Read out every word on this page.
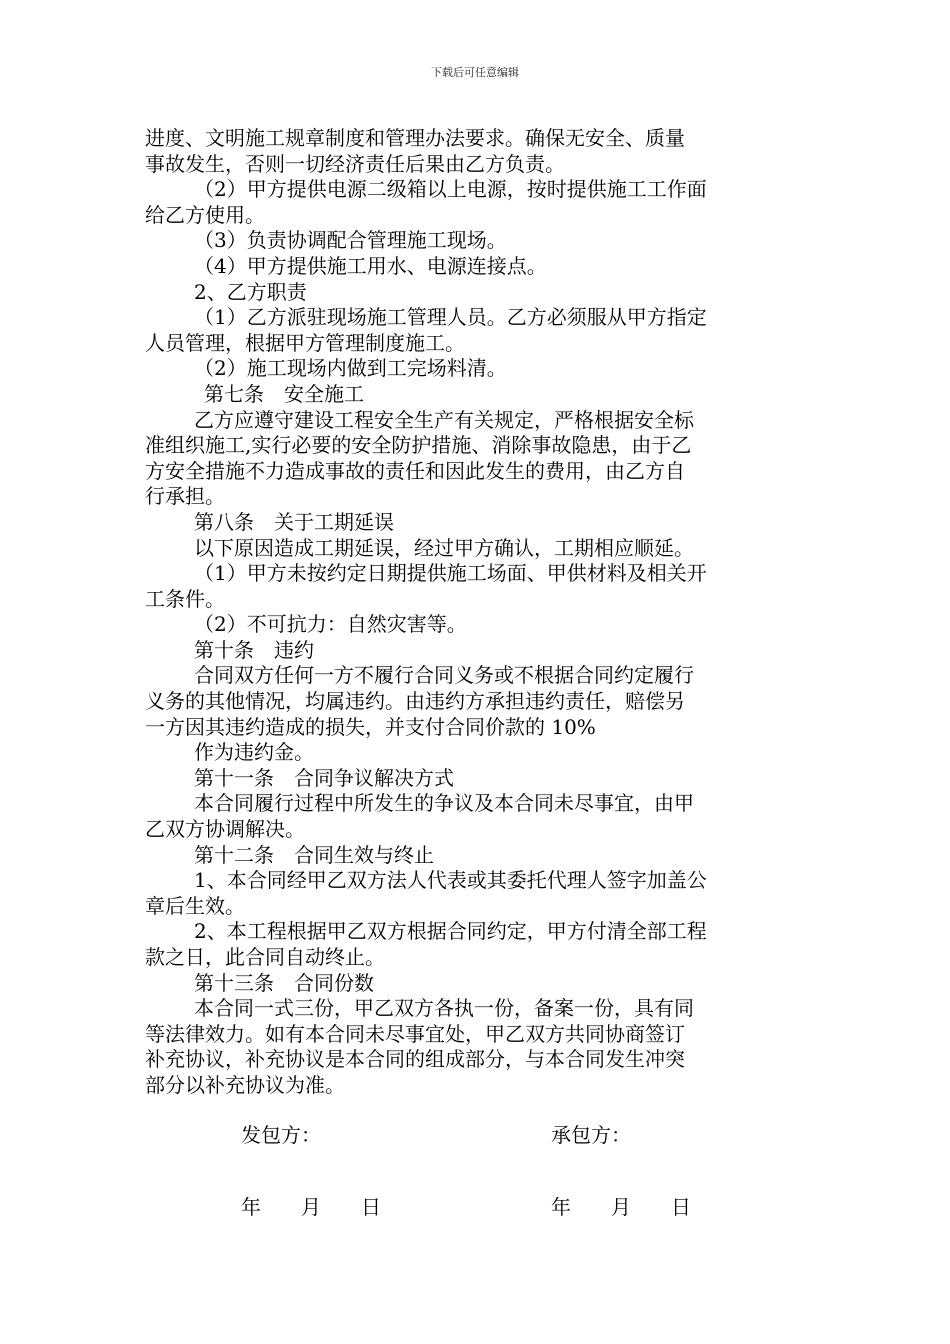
下载后可任意编辑
进度、文明施工规章制度和管理办法要求。确保无安全、质量
事故发生，否则一切经济责任后果由乙方负责。
（2）甲方提供电源二级箱以上电源，按时提供施工工作面
给乙方使用。
（3）负责协调配合管理施工现场。
（4）甲方提供施工用水、电源连接点。
2、乙方职责
（1）乙方派驻现场施工管理人员。乙方必须服从甲方指定
人员管理，根据甲方管理制度施工。
（2）施工现场内做到工完场料清。
第七条　安全施工
乙方应遵守建设工程安全生产有关规定，严格根据安全标
准组织施工,实行必要的安全防护措施、消除事故隐患，由于乙
方安全措施不力造成事故的责任和因此发生的费用，由乙方自
行承担。
第八条　关于工期延误
以下原因造成工期延误，经过甲方确认，工期相应顺延。
（1）甲方未按约定日期提供施工场面、甲供材料及相关开
工条件。
（2）不可抗力：自然灾害等。
第十条　违约
合同双方任何一方不履行合同义务或不根据合同约定履行
义务的其他情况，均属违约。由违约方承担违约责任，赔偿另
一方因其违约造成的损失，并支付合同价款的 10%
作为违约金。
第十一条　合同争议解决方式
本合同履行过程中所发生的争议及本合同未尽事宜，由甲
乙双方协调解决。
第十二条　合同生效与终止
1、本合同经甲乙双方法人代表或其委托代理人签字加盖公
章后生效。
2、本工程根据甲乙双方根据合同约定，甲方付清全部工程
款之日，此合同自动终止。
第十三条　合同份数
本合同一式三份，甲乙双方各执一份，备案一份，具有同
等法律效力。如有本合同未尽事宜处，甲乙双方共同协商签订
补充协议，补充协议是本合同的组成部分，与本合同发生冲突
部分以补充协议为准。
发包方：	承包方：
年　　月　　日	年　　月　　日
